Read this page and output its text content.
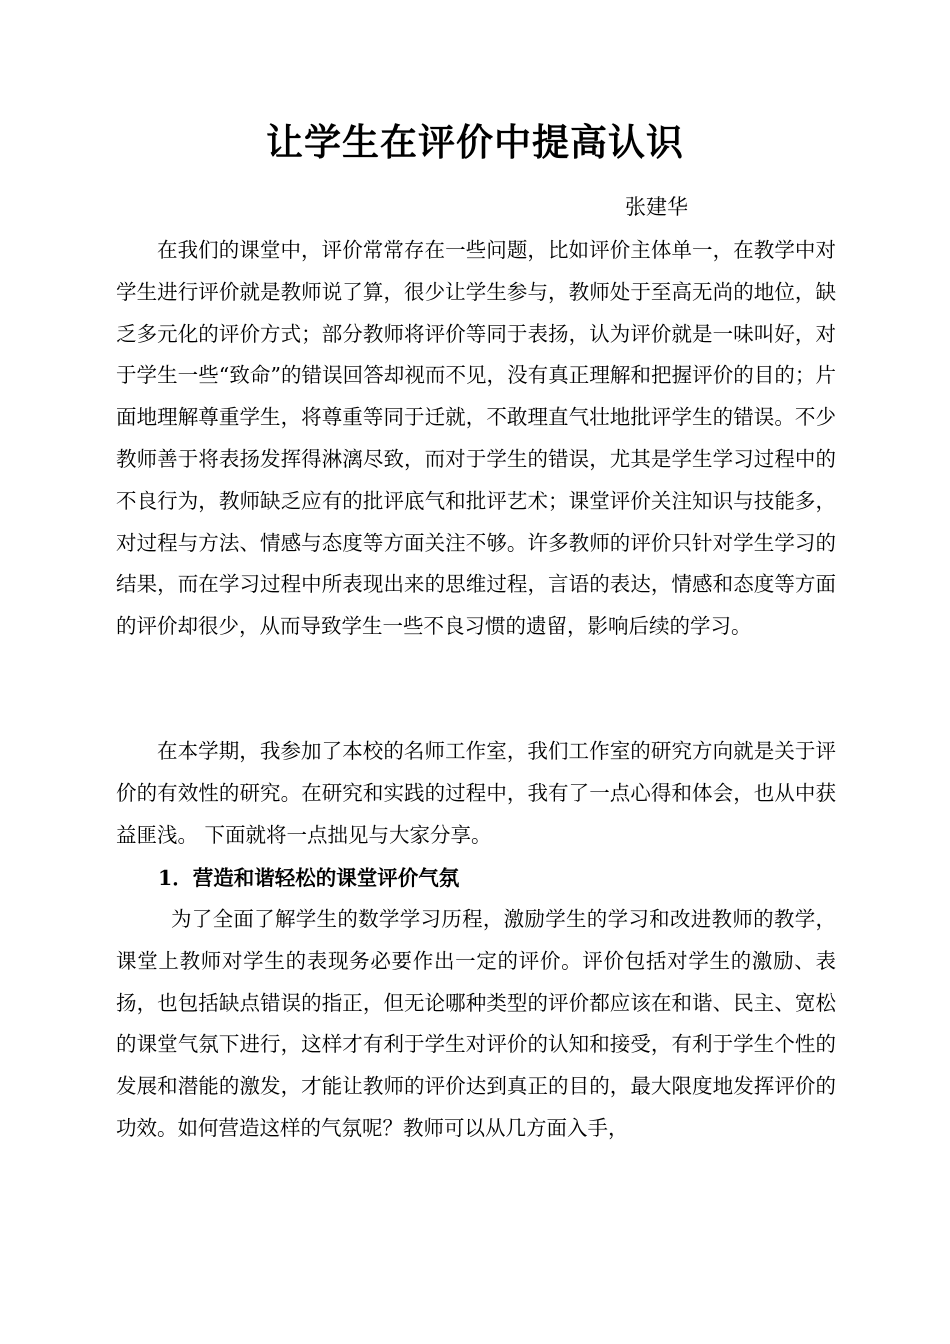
让学生在评价中提高认识

张建华

在我们的课堂中，评价常常存在一些问题，比如评价主体单一，在教学中对学生进行评价就是教师说了算，很少让学生参与，教师处于至高无尚的地位，缺乏多元化的评价方式；部分教师将评价等同于表扬，认为评价就是一味叫好，对于学生一些“致命”的错误回答却视而不见，没有真正理解和把握评价的目的；片面地理解尊重学生，将尊重等同于迁就，不敢理直气壮地批评学生的错误。不少教师善于将表扬发挥得淋漓尽致，而对于学生的错误，尤其是学生学习过程中的不良行为，教师缺乏应有的批评底气和批评艺术；课堂评价关注知识与技能多，对过程与方法、情感与态度等方面关注不够。许多教师的评价只针对学生学习的结果，而在学习过程中所表现出来的思维过程，言语的表达，情感和态度等方面的评价却很少，从而导致学生一些不良习惯的遗留，影响后续的学习。

在本学期，我参加了本校的名师工作室，我们工作室的研究方向就是关于评价的有效性的研究。在研究和实践的过程中，我有了一点心得和体会，也从中获益匪浅。 下面就将一点拙见与大家分享。

1．营造和谐轻松的课堂评价气氛

为了全面了解学生的数学学习历程，激励学生的学习和改进教师的教学，课堂上教师对学生的表现务必要作出一定的评价。评价包括对学生的激励、表扬，也包括缺点错误的指正，但无论哪种类型的评价都应该在和谐、民主、宽松的课堂气氛下进行，这样才有利于学生对评价的认知和接受，有利于学生个性的发展和潜能的激发，才能让教师的评价达到真正的目的，最大限度地发挥评价的功效。如何营造这样的气氛呢？教师可以从几方面入手，
